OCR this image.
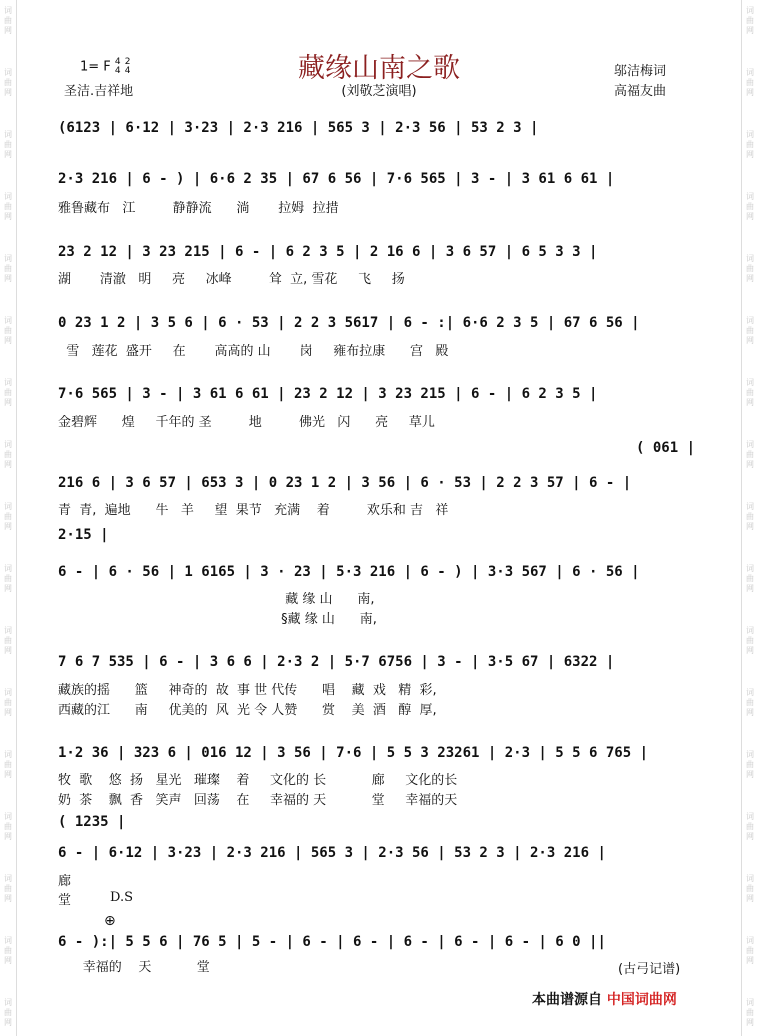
词
曲
网
词
曲
网
词
曲
网
词
曲
网
词
曲
网
词
曲
网
词
曲
网
词
曲
网
词
曲
网
词
曲
网
词
曲
网
词
曲
网
词
曲
网
词
曲
网
词
曲
网
词
曲
网
词
曲
网
词
曲
网
词
曲
网
词
曲
网
词
曲
网
词
曲
网
词
曲
网
词
曲
网
词
曲
网
词
曲
网
词
曲
网
词
曲
网
词
曲
网
词
曲
网
词
曲
网
词
曲
网
词
曲
网
词
曲
网
1= F 4
4

2
4
圣洁.吉祥地
藏缘山南之歌
(刘敬芝演唱)
邬洁梅词
高福友曲
(6123 | 6·12 | 3·23 | 2·3 216 | 565 3 | 2·3 56 | 53 2 3 |
2·3 216 | 6 - ) | 6·6 2 35 | 67 6 56 | 7·6 565 | 3 - | 3 61 6 61 |
雅鲁藏布   江         静静流      淌       拉姆  拉措
23 2 12 | 3 23 215 | 6 - | 6 2 3 5 | 2 16 6 | 3 6 57 | 6 5 3 3 |
湖       清澈   明     亮     冰峰         耸  立, 雪花     飞     扬
0 23 1 2 | 3 5 6 | 6 · 53 | 2 2 3 5617 | 6 - :| 6·6 2 3 5 | 67 6 56 |
雪   莲花  盛开     在       高高的 山       岗     雍布拉康      宫   殿
7·6 565 | 3 - | 3 61 6 61 | 23 2 12 | 3 23 215 | 6 - | 6 2 3 5 |
金碧辉      煌     千年的 圣         地         佛光   闪      亮     草儿
( 061 |
216 6 | 3 6 57 | 653 3 | 0 23 1 2 | 3 56 | 6 · 53 | 2 2 3 57 | 6 - |
青  青,  遍地      牛   羊     望  果节   充满    着         欢乐和 吉   祥
2·15 |
6 - | 6 · 56 | 1 6165 | 3 · 23 | 5·3 216 | 6 - ) | 3·3 567 | 6 · 56 |
藏 缘 山      南,
§藏 缘 山      南,
7 6 7 535 | 6 - | 3 6 6 | 2·3 2 | 5·7 6756 | 3 - | 3·5 67 | 6322 |
藏族的摇      篮     神奇的  故  事 世 代传      唱    藏  戏   精  彩,
西藏的江      南     优美的  风  光 令 人赞      赏    美  酒   醇  厚,
1·2 36 | 323 6 | 016 12 | 3 56 | 7·6 | 5 5 3 23261 | 2·3 | 5 5 6 765 |
牧  歌    悠  扬   星光   璀璨    着     文化的 长           廊     文化的长
奶  茶    飘  香   笑声   回荡    在     幸福的 天           堂     幸福的天
( 1235 |
6 - | 6·12 | 3·23 | 2·3 216 | 565 3 | 2·3 56 | 53 2 3 | 2·3 216 |
廊
堂	D.S
⊕
6 - ):| 5 5 6 | 76 5 | 5 - | 6 - | 6 - | 6 - | 6 - | 6 - | 6 0 ||
幸福的    天           堂	(古弓记谱)
本曲谱源自 中国词曲网
